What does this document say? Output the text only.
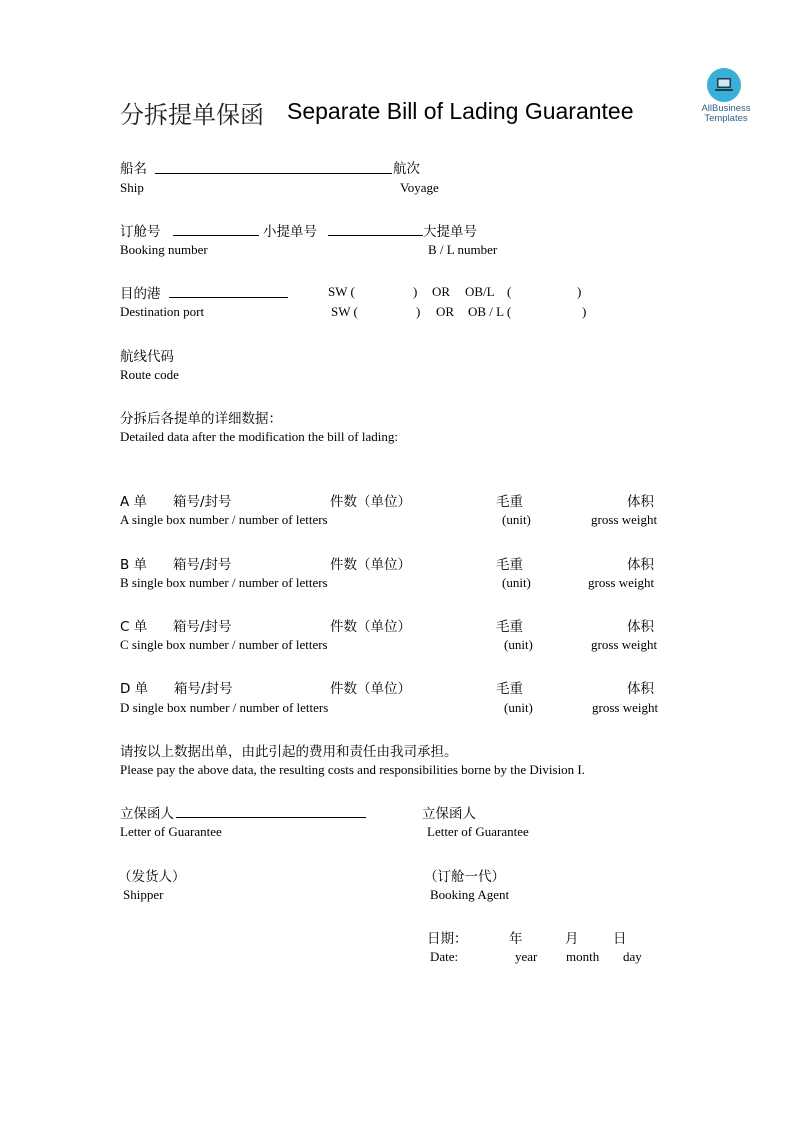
AllBusiness
Templates
分拆提单保函 Separate Bill of Lading Guarantee
船名	航次
Ship	Voyage
订舱号	小提单号	大提单号
Booking number	B / L number
目的港	SW (	) OR OB/L (	)
Destination port	SW (	) OR OB / L (	)
航线代码
Route code
分拆后各提单的详细数据：
Detailed data after the modification the bill of lading:
A 单 箱号/封号	件数（单位）	毛重	体积
A single box number / number of letters	(unit)	gross weight
B 单 箱号/封号	件数（单位）	毛重	体积
B single box number / number of letters	(unit)	gross weight
C 单 箱号/封号	件数（单位）	毛重	体积
C single box number / number of letters	(unit)	gross weight
D 单 箱号/封号	件数（单位）	毛重	体积
D single box number / number of letters	(unit)	gross weight
请按以上数据出单，由此引起的费用和责任由我司承担。
Please pay the above data, the resulting costs and responsibilities borne by the Division I.
立保函人	立保函人
Letter of Guarantee	Letter of Guarantee
（发货人）	（订舱一代）
Shipper	Booking Agent
日期：	年	月	日
Date:	year month day
